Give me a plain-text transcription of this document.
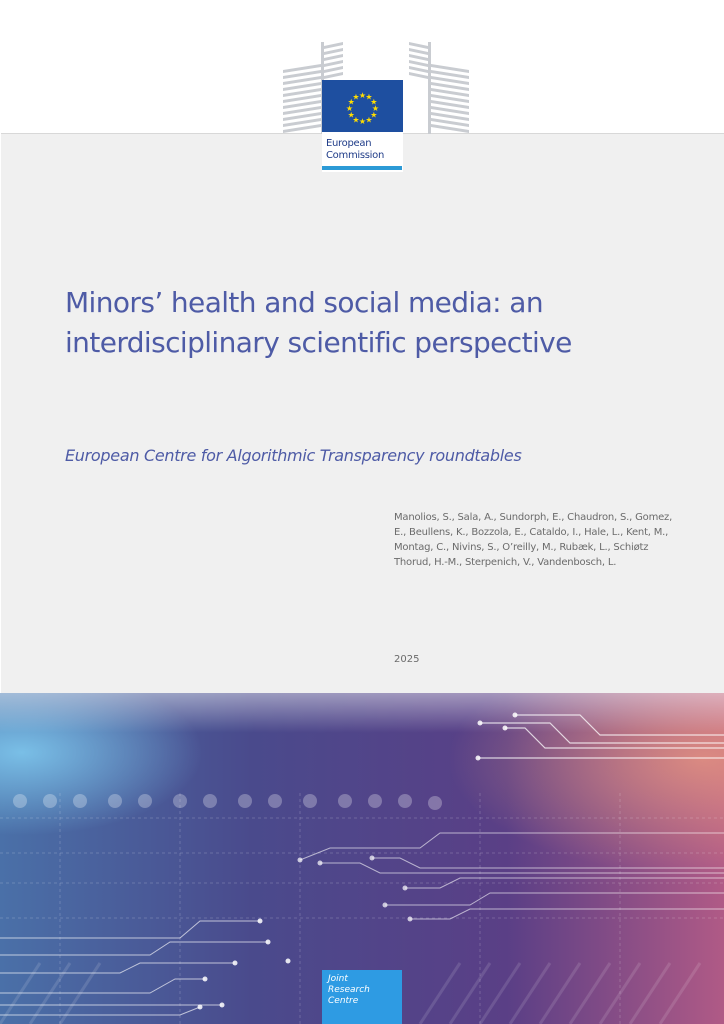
★ ★
★
★
★
★
★
★
★
★
★
★
European
Commission
Minors’ health and social media: an
interdisciplinary scientific perspective
European Centre for Algorithmic Transparency roundtables
Manolios, S., Sala, A., Sundorph, E., Chaudron, S., Gomez,
E., Beullens, K., Bozzola, E., Cataldo, I., Hale, L., Kent, M.,
Montag, C., Nivins, S., O’reilly, M., Rubæk, L., Schiøtz
Thorud, H.-M., Sterpenich, V., Vandenbosch, L.
2025
Joint
Research
Centre
